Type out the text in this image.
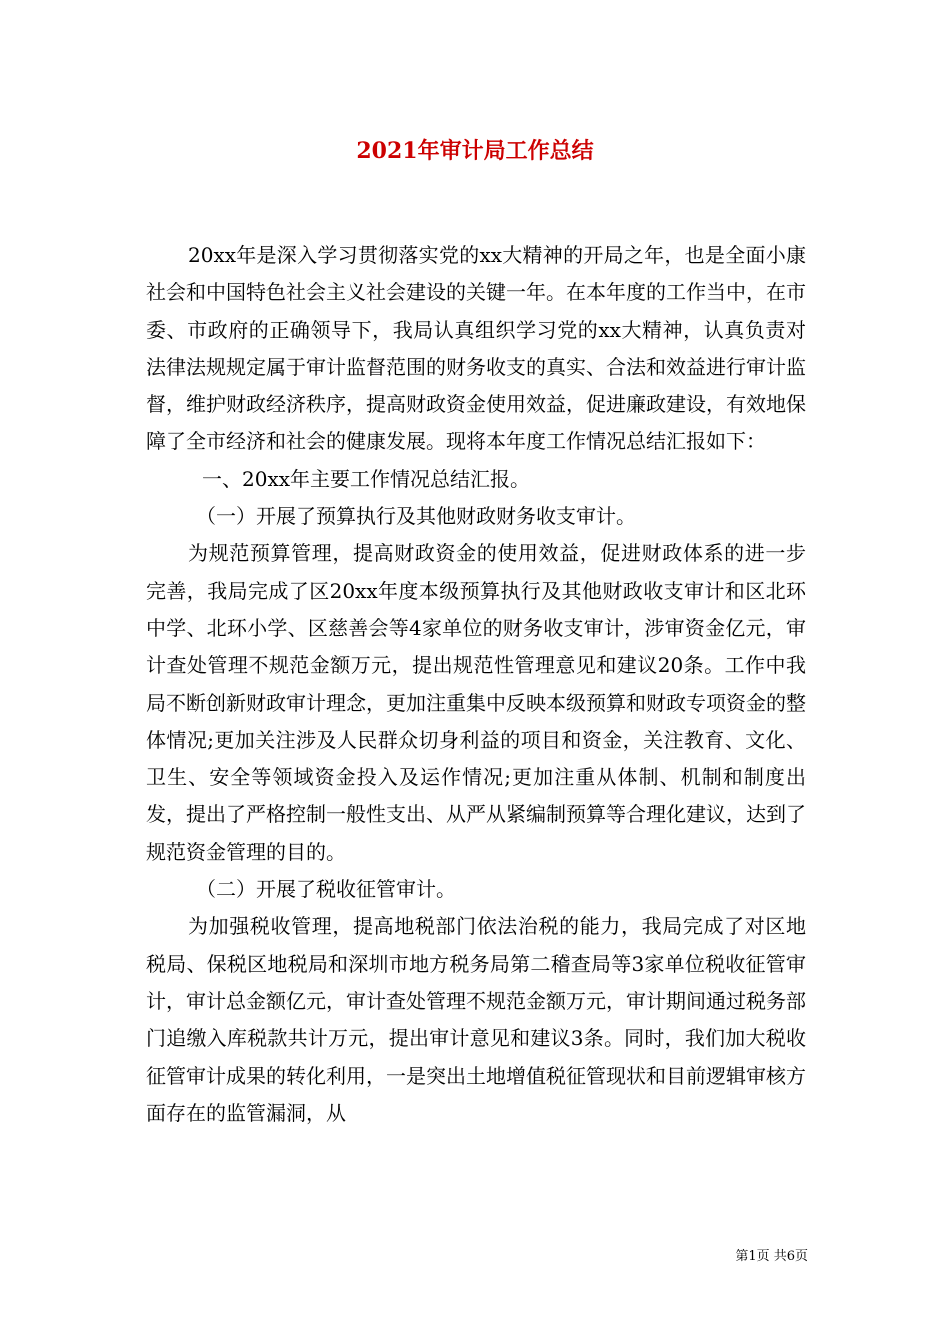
2021年审计局工作总结

20xx年是深入学习贯彻落实党的xx大精神的开局之年，也是全面小康社会和中国特色社会主义社会建设的关键一年。在本年度的工作当中，在市委、市政府的正确领导下，我局认真组织学习党的xx大精神，认真负责对法律法规规定属于审计监督范围的财务收支的真实、合法和效益进行审计监督，维护财政经济秩序，提高财政资金使用效益，促进廉政建设，有效地保障了全市经济和社会的健康发展。现将本年度工作情况总结汇报如下：

一、20xx年主要工作情况总结汇报。

（一）开展了预算执行及其他财政财务收支审计。

为规范预算管理，提高财政资金的使用效益，促进财政体系的进一步完善，我局完成了区20xx年度本级预算执行及其他财政收支审计和区北环中学、北环小学、区慈善会等4家单位的财务收支审计，涉审资金亿元，审计查处管理不规范金额万元，提出规范性管理意见和建议20条。工作中我局不断创新财政审计理念，更加注重集中反映本级预算和财政专项资金的整体情况;更加关注涉及人民群众切身利益的项目和资金，关注教育、文化、卫生、安全等领域资金投入及运作情况;更加注重从体制、机制和制度出发，提出了严格控制一般性支出、从严从紧编制预算等合理化建议，达到了规范资金管理的目的。

（二）开展了税收征管审计。

为加强税收管理，提高地税部门依法治税的能力，我局完成了对区地税局、保税区地税局和深圳市地方税务局第二稽查局等3家单位税收征管审计，审计总金额亿元，审计查处管理不规范金额万元，审计期间通过税务部门追缴入库税款共计万元，提出审计意见和建议3条。同时，我们加大税收征管审计成果的转化利用，一是突出土地增值税征管现状和目前逻辑审核方面存在的监管漏洞，从

第1页 共6页
